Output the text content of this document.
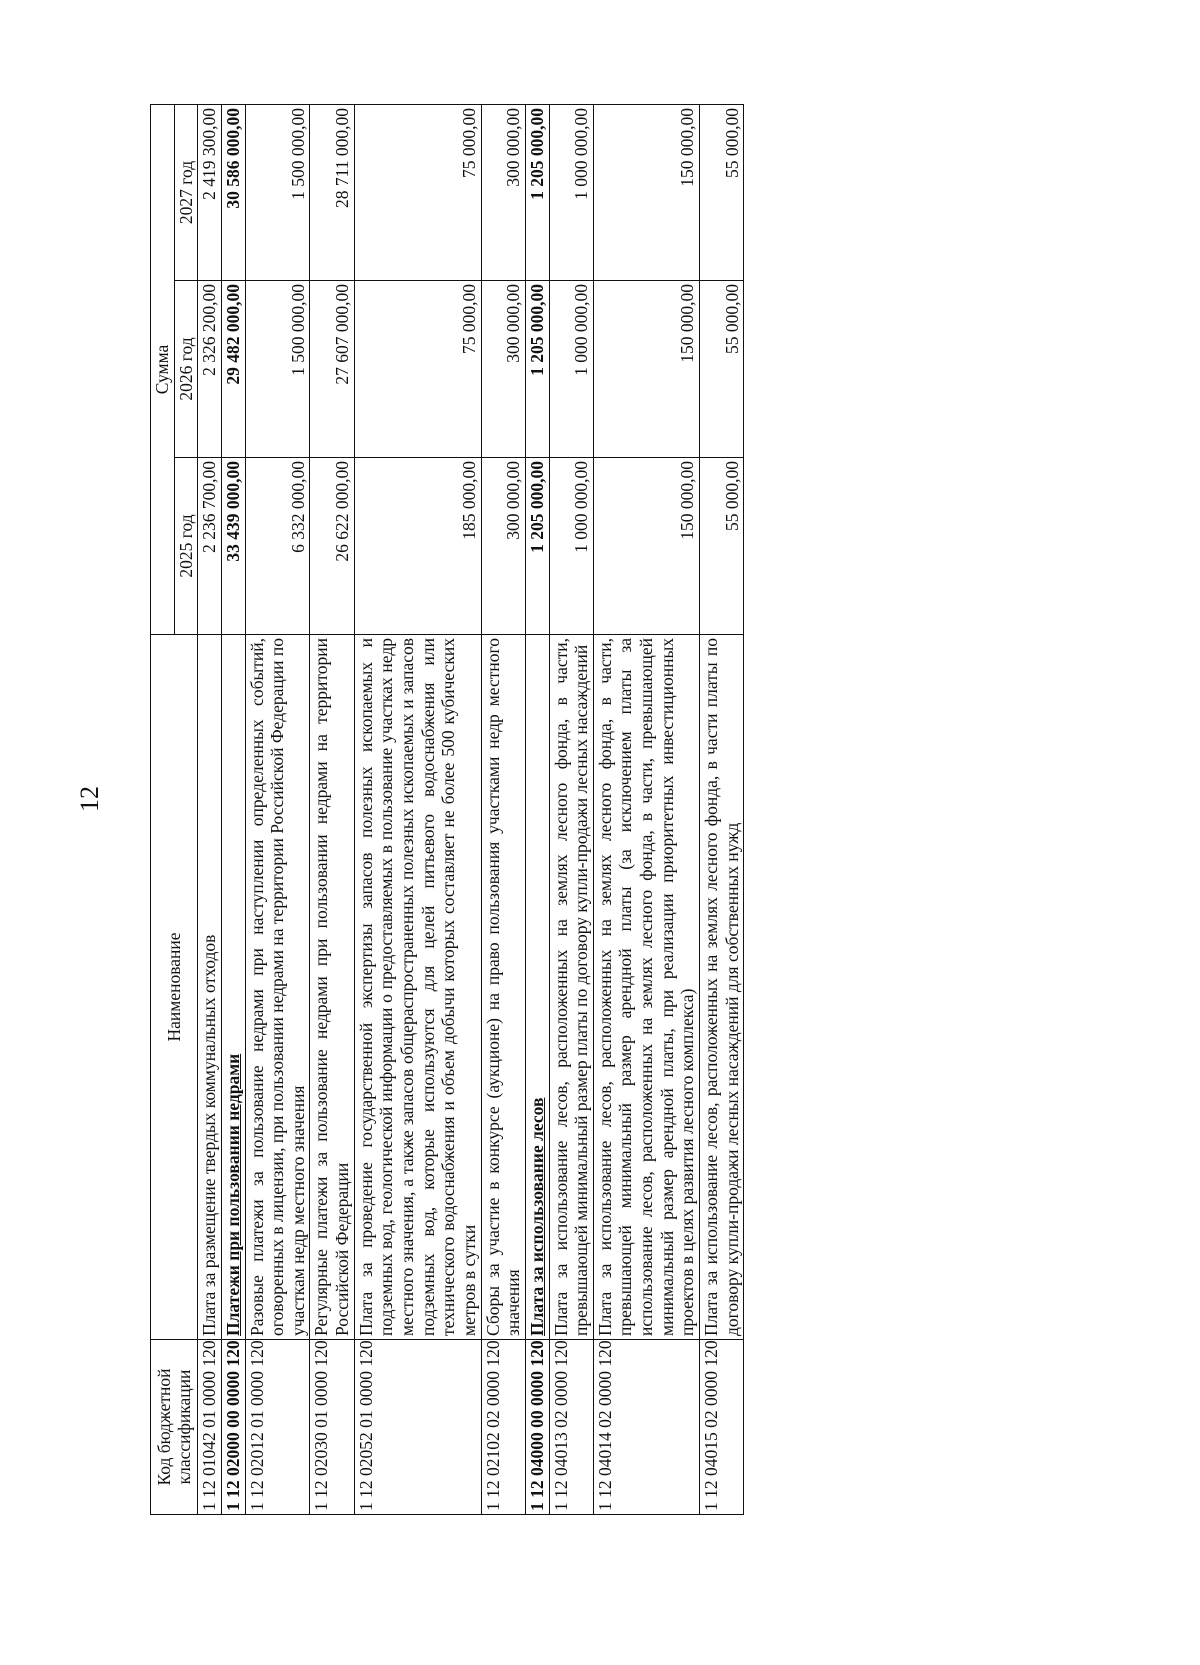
12
Код бюджетной классификации	Наименование	Сумма		
		2025 год	2026 год	2027 год
1 12 01042 01 0000 120	Плата за размещение твердых коммунальных отходов	2 236 700,00	2 326 200,00	2 419 300,00
1 12 02000 00 0000 120	Платежи при пользовании недрами	33 439 000,00	29 482 000,00	30 586 000,00
1 12 02012 01 0000 120	Разовые платежи за пользование недрами при наступлении определенных событий, оговоренных в лицензии, при пользовании недрами на территории Российской Федерации по участкам недр местного значения	6 332 000,00	1 500 000,00	1 500 000,00
1 12 02030 01 0000 120	Регулярные платежи за пользование недрами при пользовании недрами на территории Российской Федерации	26 622 000,00	27 607 000,00	28 711 000,00
1 12 02052 01 0000 120	Плата за проведение государственной экспертизы запасов полезных ископаемых и подземных вод, геологической информации о предоставляемых в пользование участках недр местного значения, а также запасов общераспространенных полезных ископаемых и запасов подземных вод, которые используются для целей питьевого водоснабжения или технического водоснабжения и объем добычи которых составляет не более 500 кубических метров в сутки	185 000,00	75 000,00	75 000,00
1 12 02102 02 0000 120	Сборы за участие в конкурсе (аукционе) на право пользования участками недр местного значения	300 000,00	300 000,00	300 000,00
1 12 04000 00 0000 120	Плата за использование лесов	1 205 000,00	1 205 000,00	1 205 000,00
1 12 04013 02 0000 120	Плата за использование лесов, расположенных на землях лесного фонда, в части, превышающей минимальный размер платы по договору купли-продажи лесных насаждений	1 000 000,00	1 000 000,00	1 000 000,00
1 12 04014 02 0000 120	Плата за использование лесов, расположенных на землях лесного фонда, в части, превышающей минимальный размер арендной платы (за исключением платы за использование лесов, расположенных на землях лесного фонда, в части, превышающей минимальный размер арендной платы, при реализации приоритетных инвестиционных проектов в целях развития лесного комплекса)	150 000,00	150 000,00	150 000,00
1 12 04015 02 0000 120	Плата за использование лесов, расположенных на землях лесного фонда, в части платы по договору купли-продажи лесных насаждений для собственных нужд	55 000,00	55 000,00	55 000,00
